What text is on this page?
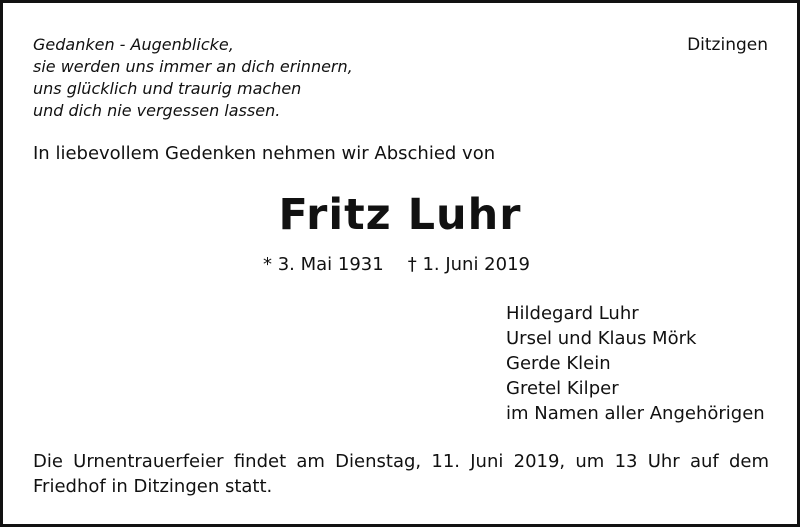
Gedanken - Augenblicke,
sie werden uns immer an dich erinnern,
uns glücklich und traurig machen
und dich nie vergessen lassen.
Ditzingen
In liebevollem Gedenken nehmen wir Abschied von
Fritz Luhr
* 3. Mai 1931 † 1. Juni 2019
Hildegard Luhr
Ursel und Klaus Mörk
Gerde Klein
Gretel Kilper
im Namen aller Angehörigen
Die Urnentrauerfeier findet am Dienstag, 11. Juni 2019, um 13 Uhr auf dem
Friedhof in Ditzingen statt.
